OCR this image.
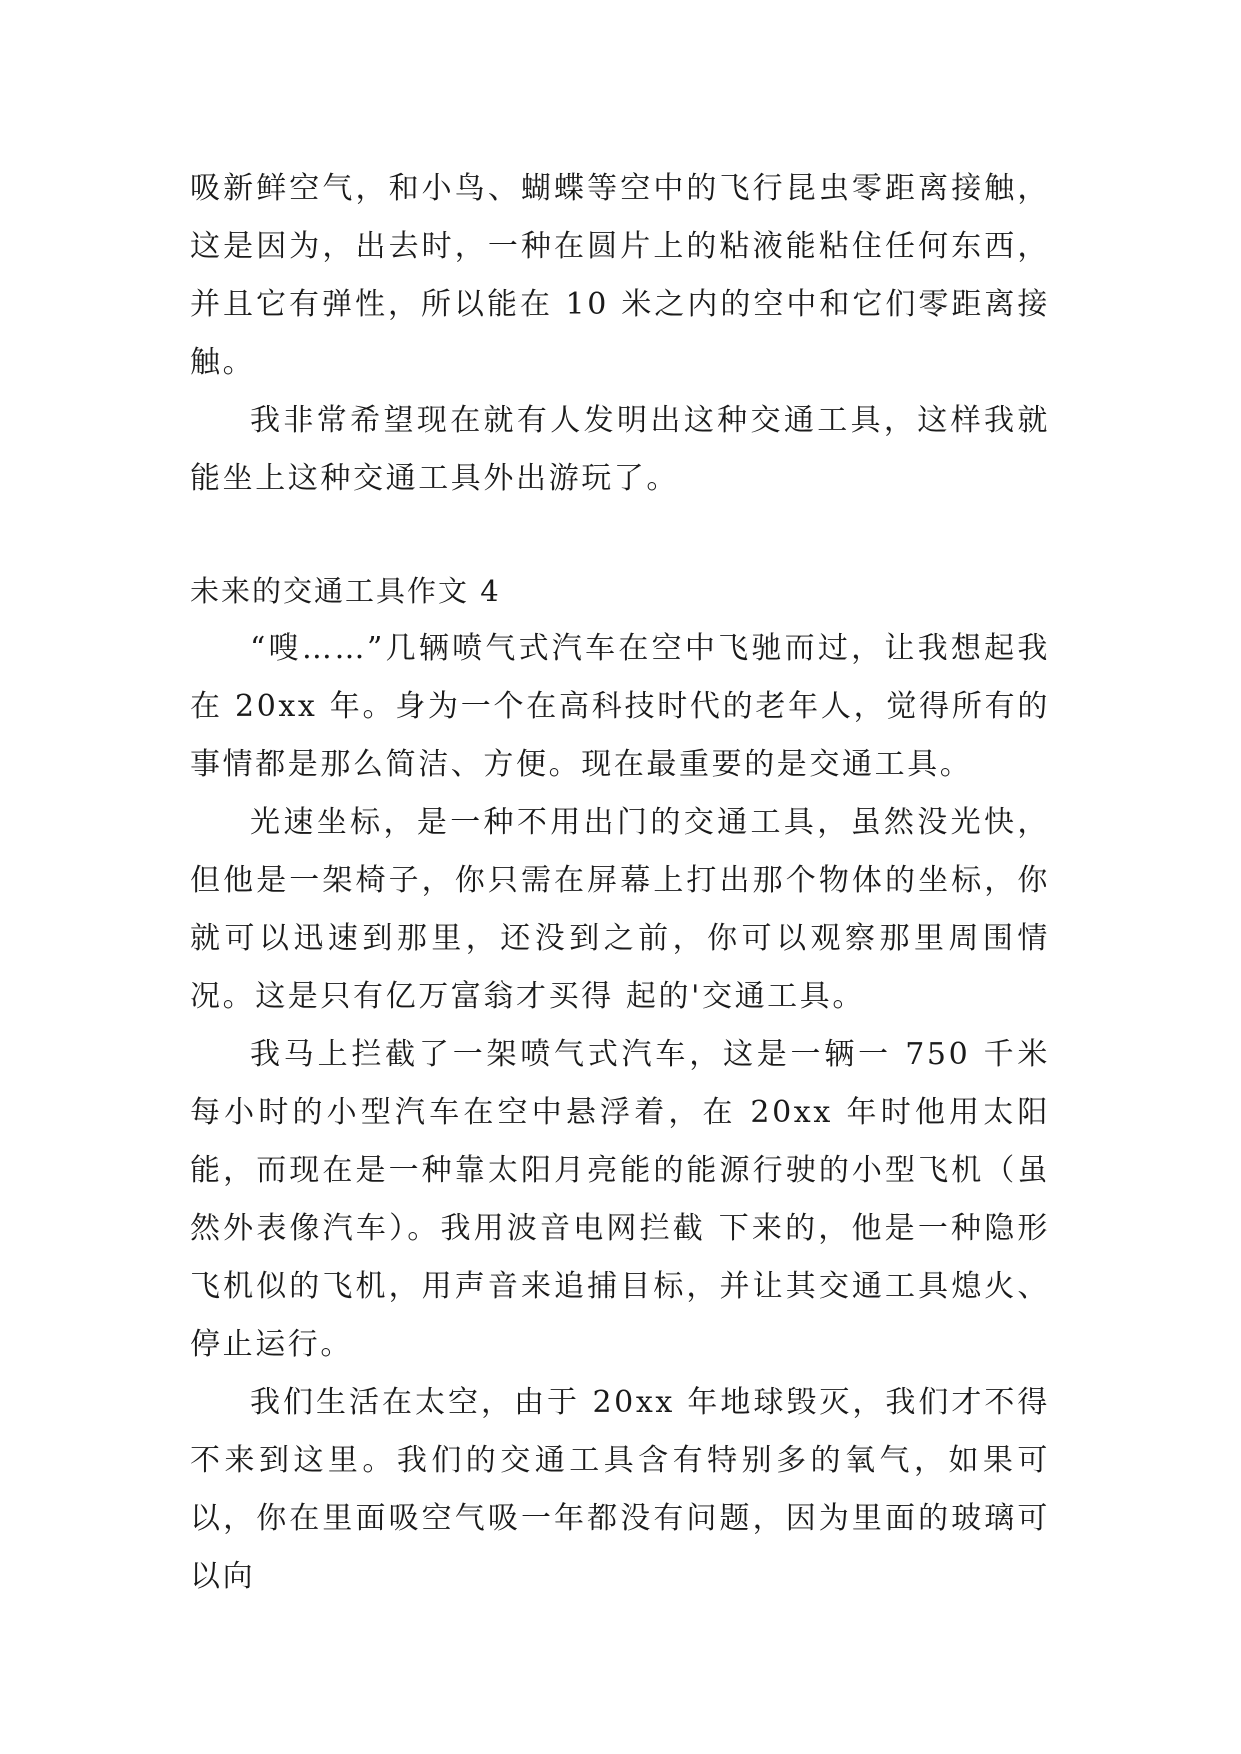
吸新鲜空气，和小鸟、蝴蝶等空中的飞行昆虫零距离接触，这是因为，出去时，一种在圆片上的粘液能粘住任何东西，并且它有弹性，所以能在 10 米之内的空中和它们零距离接触。

我非常希望现在就有人发明出这种交通工具，这样我就能坐上这种交通工具外出游玩了。

未来的交通工具作文 4

“嗖……”几辆喷气式汽车在空中飞驰而过，让我想起我在 20xx 年。身为一个在高科技时代的老年人，觉得所有的事情都是那么简洁、方便。现在最重要的是交通工具。

光速坐标，是一种不用出门的交通工具，虽然没光快，但他是一架椅子，你只需在屏幕上打出那个物体的坐标，你就可以迅速到那里，还没到之前，你可以观察那里周围情况。这是只有亿万富翁才买得 起的'交通工具。

我马上拦截了一架喷气式汽车，这是一辆一 750 千米每小时的小型汽车在空中悬浮着，在 20xx 年时他用太阳能，而现在是一种靠太阳月亮能的能源行驶的小型飞机（虽然外表像汽车）。我用波音电网拦截 下来的，他是一种隐形飞机似的飞机，用声音来追捕目标，并让其交通工具熄火、停止运行。

我们生活在太空，由于 20xx 年地球毁灭，我们才不得不来到这里。我们的交通工具含有特别多的氧气，如果可以，你在里面吸空气吸一年都没有问题，因为里面的玻璃可以向
